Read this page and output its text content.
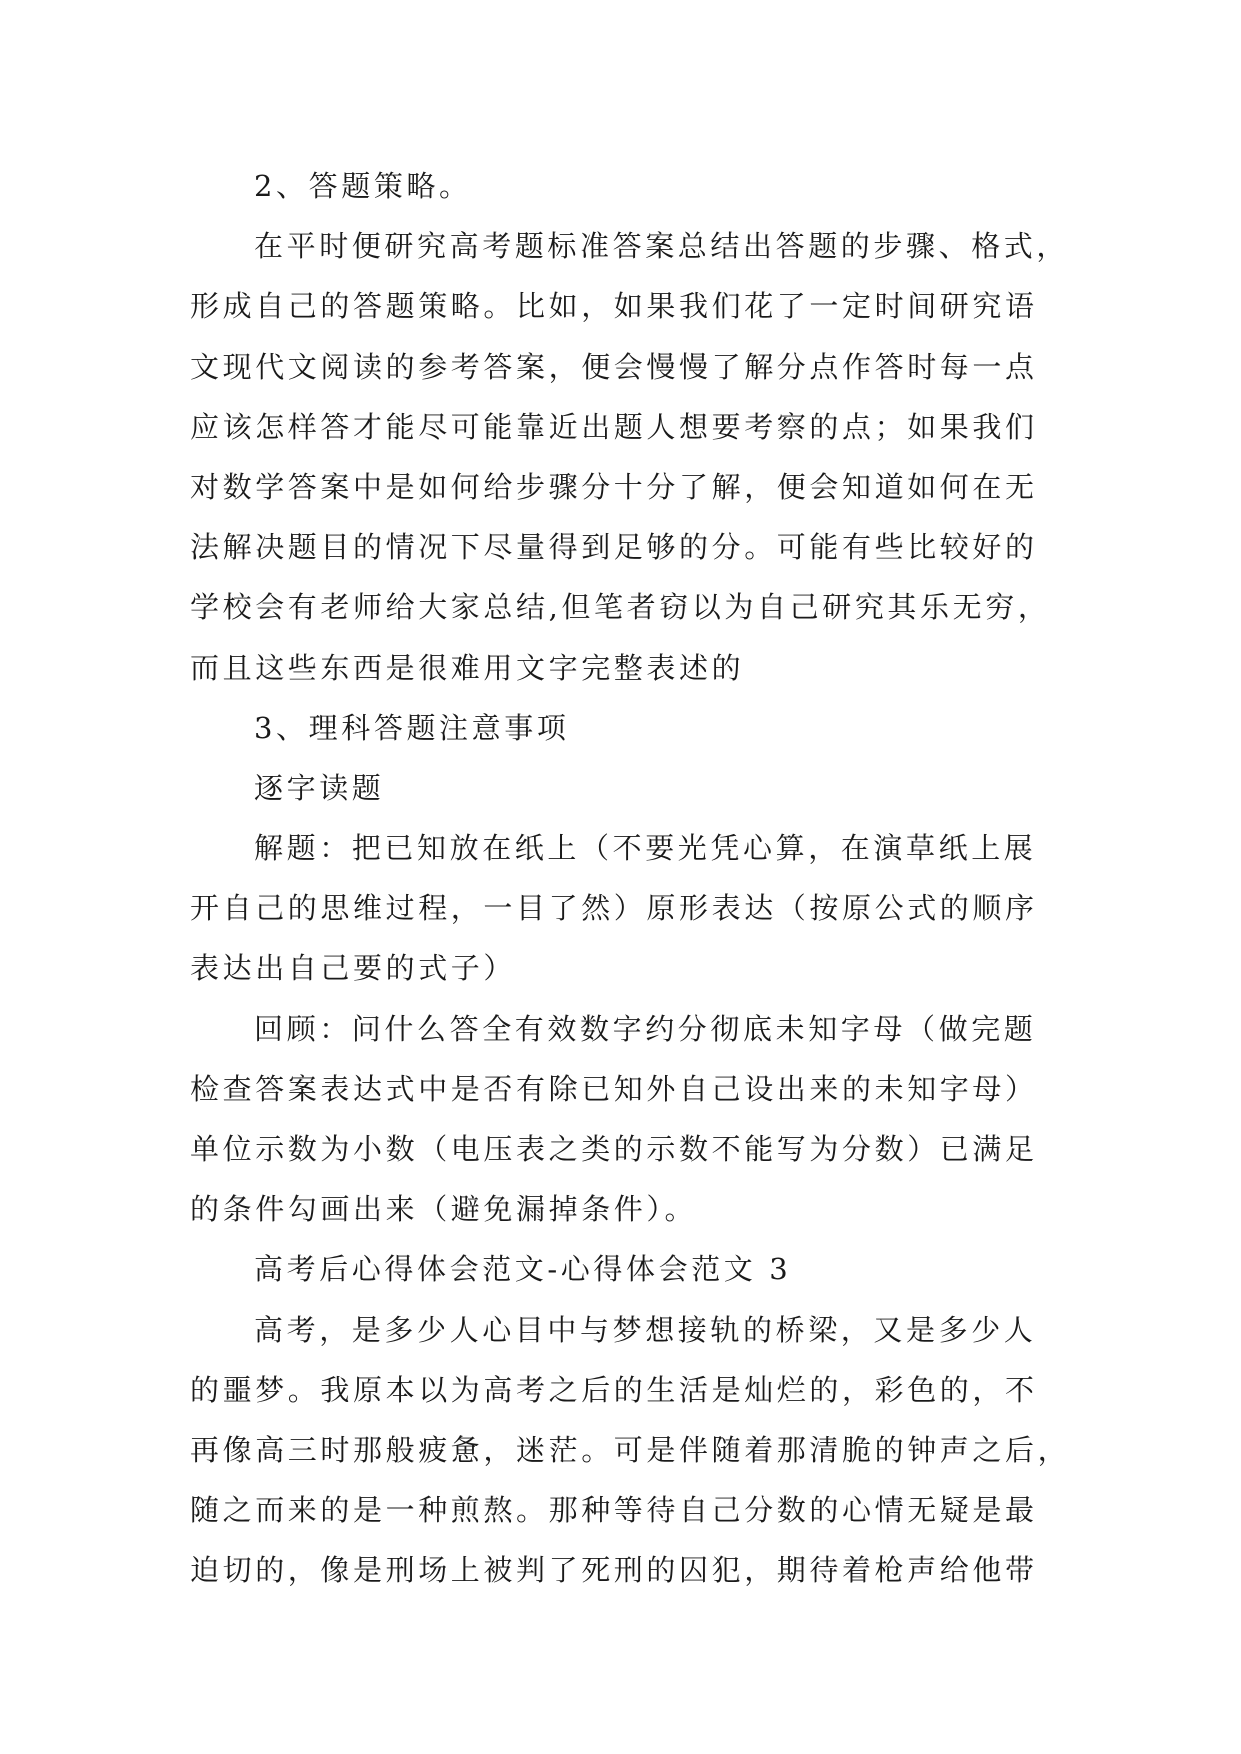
2、答题策略。
在平时便研究高考题标准答案总结出答题的步骤、格式，
形成自己的答题策略。比如，如果我们花了一定时间研究语
文现代文阅读的参考答案，便会慢慢了解分点作答时每一点
应该怎样答才能尽可能靠近出题人想要考察的点；如果我们
对数学答案中是如何给步骤分十分了解，便会知道如何在无
法解决题目的情况下尽量得到足够的分。可能有些比较好的
学校会有老师给大家总结,但笔者窃以为自己研究其乐无穷，
而且这些东西是很难用文字完整表述的
3、理科答题注意事项
逐字读题
解题：把已知放在纸上（不要光凭心算，在演草纸上展
开自己的思维过程，一目了然）原形表达（按原公式的顺序
表达出自己要的式子）
回顾：问什么答全有效数字约分彻底未知字母（做完题
检查答案表达式中是否有除已知外自己设出来的未知字母）
单位示数为小数（电压表之类的示数不能写为分数）已满足
的条件勾画出来（避免漏掉条件）。
高考后心得体会范文-心得体会范文 3
高考，是多少人心目中与梦想接轨的桥梁，又是多少人
的噩梦。我原本以为高考之后的生活是灿烂的，彩色的，不
再像高三时那般疲惫，迷茫。可是伴随着那清脆的钟声之后，
随之而来的是一种煎熬。那种等待自己分数的心情无疑是最
迫切的，像是刑场上被判了死刑的囚犯，期待着枪声给他带
